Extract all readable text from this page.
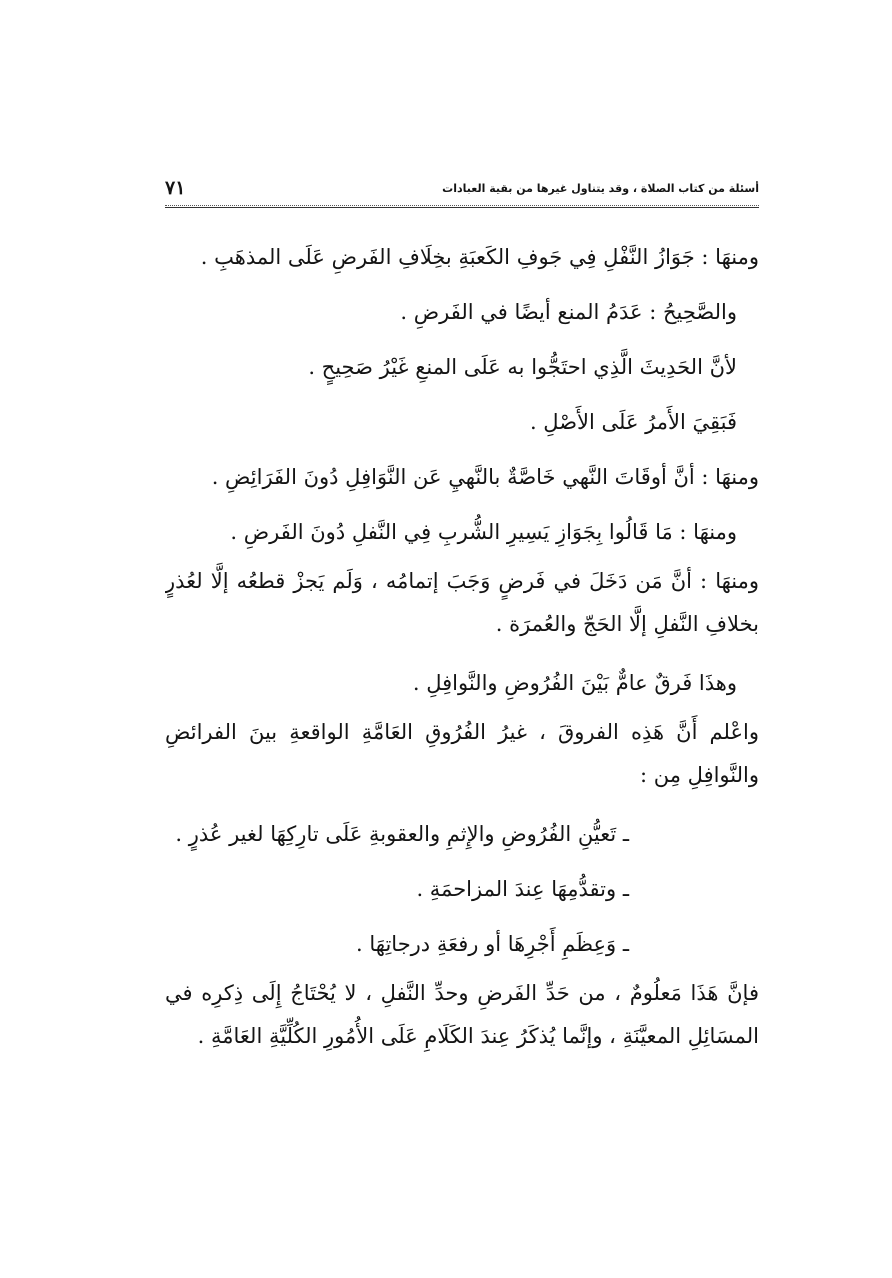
أسئلة من كتاب الصلاة ، وقد يتناول غيرها من بقية العبادات
٧١

ومنهَا : جَوَازُ النَّفْلِ فِي جَوفِ الكَعبَةِ بخِلَافِ الفَرضِ عَلَى المذهَبِ .

والصَّحِيحُ : عَدَمُ المنع أيضًا في الفَرضِ .

لأنَّ الحَدِيثَ الَّذِي احتَجُّوا به عَلَى المنعِ غَيْرُ صَحِيحٍ .

فَبَقِيَ الأَمرُ عَلَى الأَصْلِ .

ومنهَا : أنَّ أوقَاتَ النَّهي خَاصَّةٌ بالنَّهيِ عَن النَّوَافِلِ دُونَ الفَرَائِضِ .

ومنهَا : مَا قَالُوا بِجَوَازِ يَسِيرِ الشُّربِ فِي النَّفلِ دُونَ الفَرضِ .

ومنهَا : أنَّ مَن دَخَلَ في فَرضٍ وَجَبَ إتمامُه ، وَلَم يَجزْ قطعُه إلَّا لعُذرٍ بخلافِ النَّفلِ إلَّا الحَجّ والعُمرَة .

وهذَا فَرقٌ عامٌّ بَيْنَ الفُرُوضِ والنَّوافِلِ .

واعْلم أَنَّ هَذِه الفروقَ ، غيرُ الفُرُوقِ العَامَّةِ الواقعةِ بينَ الفرائضِ والنَّوافِلِ مِن :

ـ تَعيُّنِ الفُرُوضِ والإِثمِ والعقوبةِ عَلَى تارِكِهَا لغير عُذرٍ .

ـ وتقدُّمِهَا عِندَ المزاحمَةِ .

ـ وَعِظَمِ أَجْرِهَا أو رفعَةِ درجاتِهَا .

فإنَّ هَذَا مَعلُومٌ ، من حَدِّ الفَرضِ وحدِّ النَّفلِ ، لا يُحْتَاجُ إِلَى ذِكرِه في المسَائِلِ المعيَّنَةِ ، وإنَّما يُذكَرُ عِندَ الكَلَامِ عَلَى الأُمُورِ الكُلِّيَّةِ العَامَّةِ .
